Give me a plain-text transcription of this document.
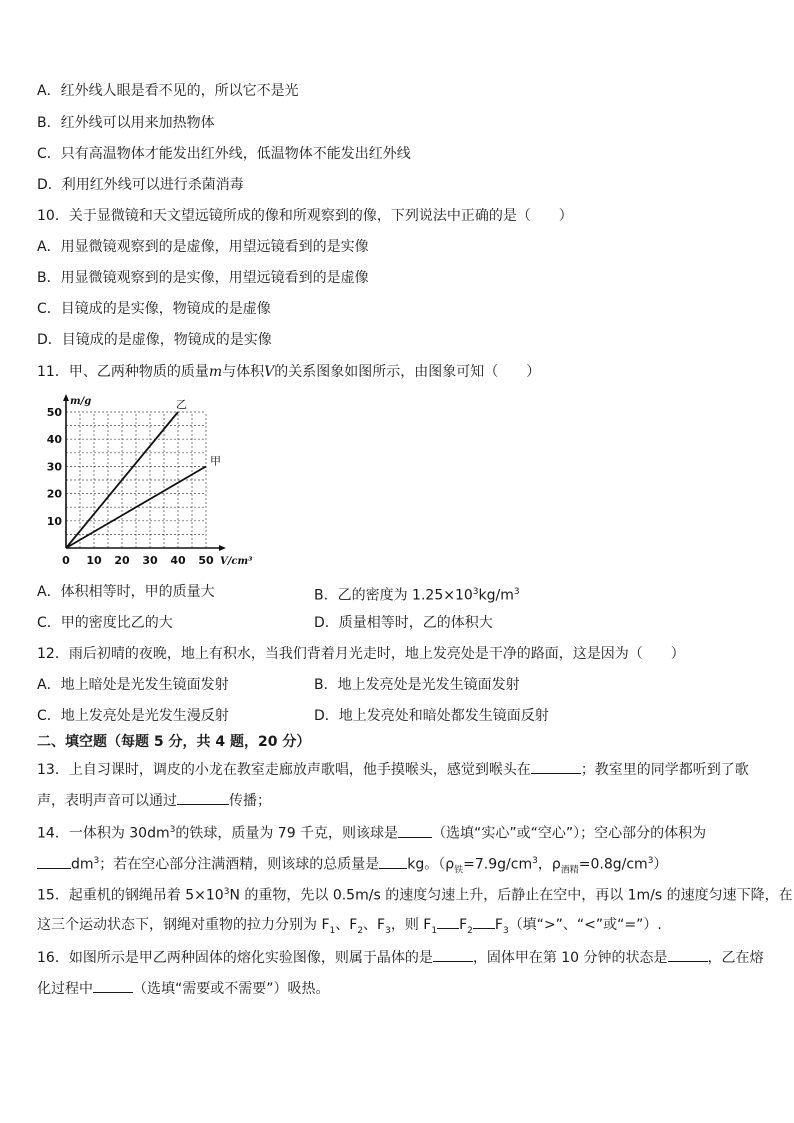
A．红外线人眼是看不见的，所以它不是光
B．红外线可以用来加热物体
C．只有高温物体才能发出红外线，低温物体不能发出红外线
D．利用红外线可以进行杀菌消毒
10．关于显微镜和天文望远镜所成的像和所观察到的像，下列说法中正确的是（　　）
A．用显微镜观察到的是虚像，用望远镜看到的是实像
B．用显微镜观察到的是实像，用望远镜看到的是虚像
C．目镜成的是实像，物镜成的是虚像
D．目镜成的是虚像，物镜成的是实像
11．甲、乙两种物质的质量m与体积V的关系图象如图所示，由图象可知（　　）
0 10 20 30 40 50
10
20
30
40
50
m/g
V/cm³
乙
甲
A．体积相等时，甲的质量大	B．乙的密度为 $1.25\times 10^3kg/m^3$
C．甲的密度比乙的大	D．质量相等时，乙的体积大
12．雨后初晴的夜晚，地上有积水，当我们背着月光走时，地上发亮处是干净的路面，这是因为（　　）
A．地上暗处是光发生镜面发射	B．地上发亮处是光发生镜面发射
C．地上发亮处是光发生漫反射	D．地上发亮处和暗处都发生镜面反射
二、填空题（每题 5 分，共 4 题，20 分）
13．上自习课时，调皮的小龙在教室走廊放声歌唱，他手摸喉头，感觉到喉头在	；教室里的同学都听到了歌
声，表明声音可以通过	传播；
14．一体积为 $30dm^3$的铁球，质量为 79 千克，则该球是 （选填“实心”或“空心”）；空心部分的体积为
$dm^3$；若在空心部分注满酒精，则该球的总质量是 kg。（$\rho_铁=7.9g/cm^3$，$\rho_{酒精}=0.8g/cm^3$）
15．起重机的钢绳吊着 $5\times 10^3N$ 的重物，先以 0.5m/s 的速度匀速上升，后静止在空中，再以 1m/s 的速度匀速下降，在
这三个运动状态下，钢绳对重物的拉力分别为 $F_1$、$F_2$、$F_3$，则 $F_1$ $F_2$ $F_3$（填“>”、“<”或“=”）.
16．如图所示是甲乙两种固体的熔化实验图像，则属于晶体的是	，固体甲在第 10 分钟的状态是	，乙在熔
化过程中	（选填“需要或不需要”）吸热。
